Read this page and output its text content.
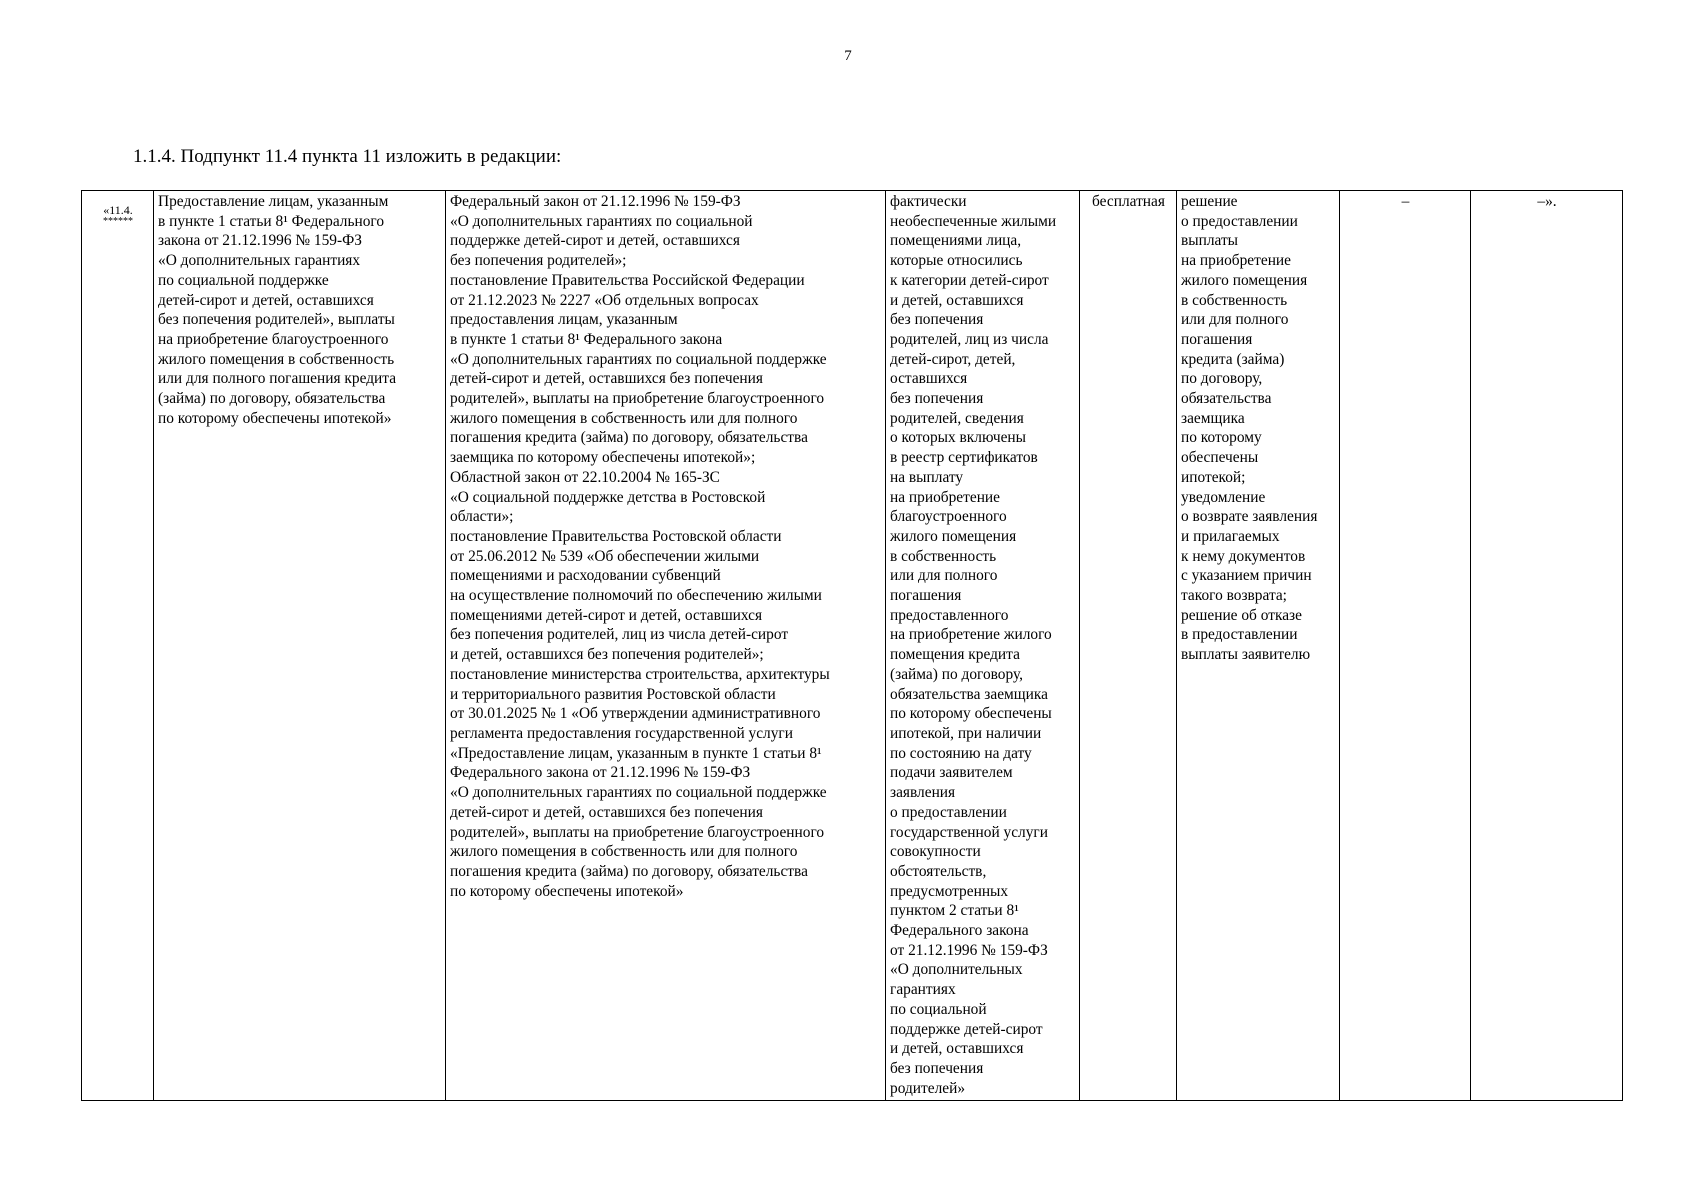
7
1.1.4. Подпункт 11.4 пункта 11 изложить в редакции:

«11.4.

******

	Предоставление лицам, указанным
в пункте 1 статьи 8¹ Федерального
закона от 21.12.1996 № 159-ФЗ
«О дополнительных гарантиях
по социальной поддержке
детей-сирот и детей, оставшихся
без попечения родителей», выплаты
на приобретение благоустроенного
жилого помещения в собственность
или для полного погашения кредита
(займа) по договору, обязательства
по которому обеспечены ипотекой»	Федеральный закон от 21.12.1996 № 159-ФЗ
«О дополнительных гарантиях по социальной
поддержке детей-сирот и детей, оставшихся
без попечения родителей»;
постановление Правительства Российской Федерации
от 21.12.2023 № 2227 «Об отдельных вопросах
предоставления лицам, указанным
в пункте 1 статьи 8¹ Федерального закона
«О дополнительных гарантиях по социальной поддержке
детей-сирот и детей, оставшихся без попечения
родителей», выплаты на приобретение благоустроенного
жилого помещения в собственность или для полного
погашения кредита (займа) по договору, обязательства
заемщика по которому обеспечены ипотекой»;
Областной закон от 22.10.2004 № 165-ЗС
«О социальной поддержке детства в Ростовской
области»;
постановление Правительства Ростовской области
от 25.06.2012 № 539 «Об обеспечении жилыми
помещениями и расходовании субвенций
на осуществление полномочий по обеспечению жилыми
помещениями детей-сирот и детей, оставшихся
без попечения родителей, лиц из числа детей-сирот
и детей, оставшихся без попечения родителей»;
постановление министерства строительства, архитектуры
и территориального развития Ростовской области
от 30.01.2025 № 1 «Об утверждении административного
регламента предоставления государственной услуги
«Предоставление лицам, указанным в пункте 1 статьи 8¹
Федерального закона от 21.12.1996 № 159-ФЗ
«О дополнительных гарантиях по социальной поддержке
детей-сирот и детей, оставшихся без попечения
родителей», выплаты на приобретение благоустроенного
жилого помещения в собственность или для полного
погашения кредита (займа) по договору, обязательства
по которому обеспечены ипотекой»	фактически
необеспеченные жилыми
помещениями лица,
которые относились
к категории детей-сирот
и детей, оставшихся
без попечения
родителей, лиц из числа
детей-сирот, детей,
оставшихся
без попечения
родителей, сведения
о которых включены
в реестр сертификатов
на выплату
на приобретение
благоустроенного
жилого помещения
в собственность
или для полного
погашения
предоставленного
на приобретение жилого
помещения кредита
(займа) по договору,
обязательства заемщика
по которому обеспечены
ипотекой, при наличии
по состоянию на дату
подачи заявителем
заявления
о предоставлении
государственной услуги
совокупности
обстоятельств,
предусмотренных
пунктом 2 статьи 8¹
Федерального закона
от 21.12.1996 № 159-ФЗ
«О дополнительных
гарантиях
по социальной
поддержке детей-сирот
и детей, оставшихся
без попечения
родителей»	бесплатная	решение
о предоставлении
выплаты
на приобретение
жилого помещения
в собственность
или для полного
погашения
кредита (займа)
по договору,
обязательства
заемщика
по которому
обеспечены
ипотекой;
уведомление
о возврате заявления
и прилагаемых
к нему документов
с указанием причин
такого возврата;
решение об отказе
в предоставлении
выплаты заявителю	–	–».
